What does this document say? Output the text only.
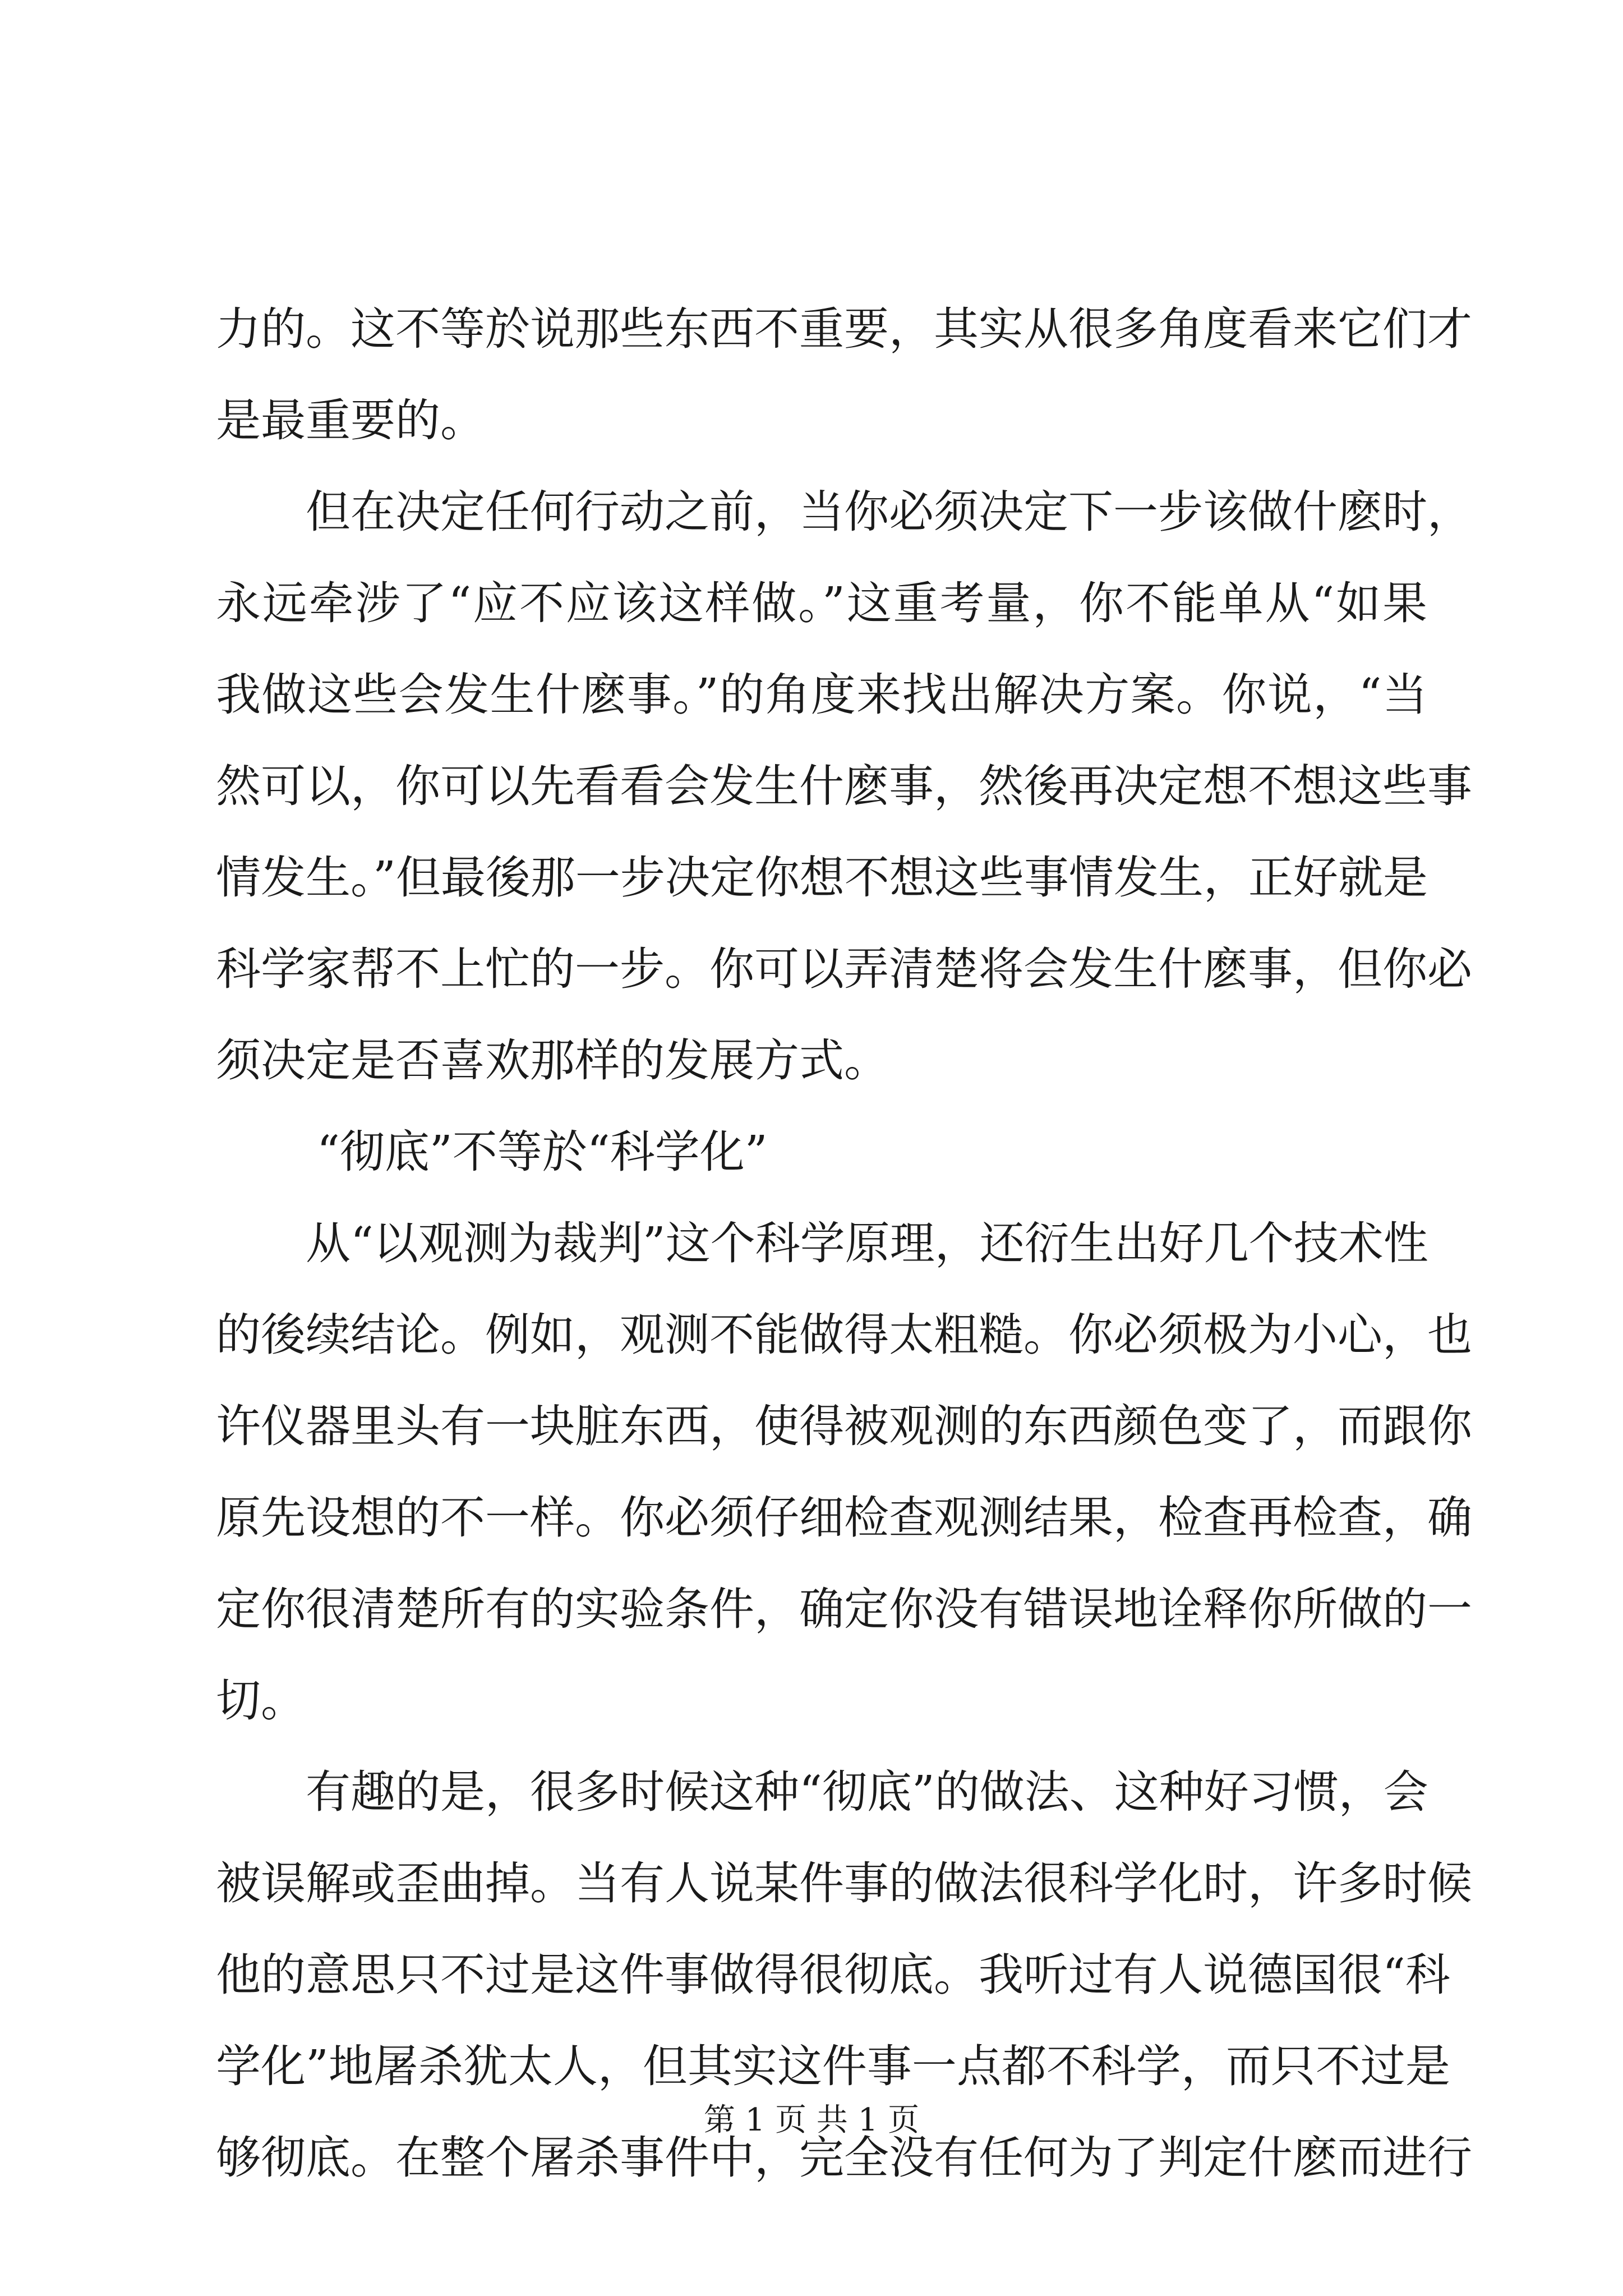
力的。这不等於说那些东西不重要，其实从很多角度看来它们才
是最重要的。
但在决定任何行动之前，当你必须决定下一步该做什麽时，
永远牵涉了“应不应该这样做。”这重考量，你不能单从“如果
我做这些会发生什麽事。”的角度来找出解决方案。你说，“当
然可以，你可以先看看会发生什麽事，然後再决定想不想这些事
情发生。”但最後那一步决定你想不想这些事情发生，正好就是
科学家帮不上忙的一步。你可以弄清楚将会发生什麽事，但你必
须决定是否喜欢那样的发展方式。
“彻底”不等於“科学化”
从“以观测为裁判”这个科学原理，还衍生出好几个技术性
的後续结论。例如，观测不能做得太粗糙。你必须极为小心，也
许仪器里头有一块脏东西，使得被观测的东西颜色变了，而跟你
原先设想的不一样。你必须仔细检查观测结果，检查再检查，确
定你很清楚所有的实验条件，确定你没有错误地诠释你所做的一
切。
有趣的是，很多时候这种“彻底”的做法、这种好习惯，会
被误解或歪曲掉。当有人说某件事的做法很科学化时，许多时候
他的意思只不过是这件事做得很彻底。我听过有人说德国很“科
学化”地屠杀犹太人，但其实这件事一点都不科学，而只不过是
够彻底。在整个屠杀事件中，完全没有任何为了判定什麽而进行
第 1 页 共 1 页
